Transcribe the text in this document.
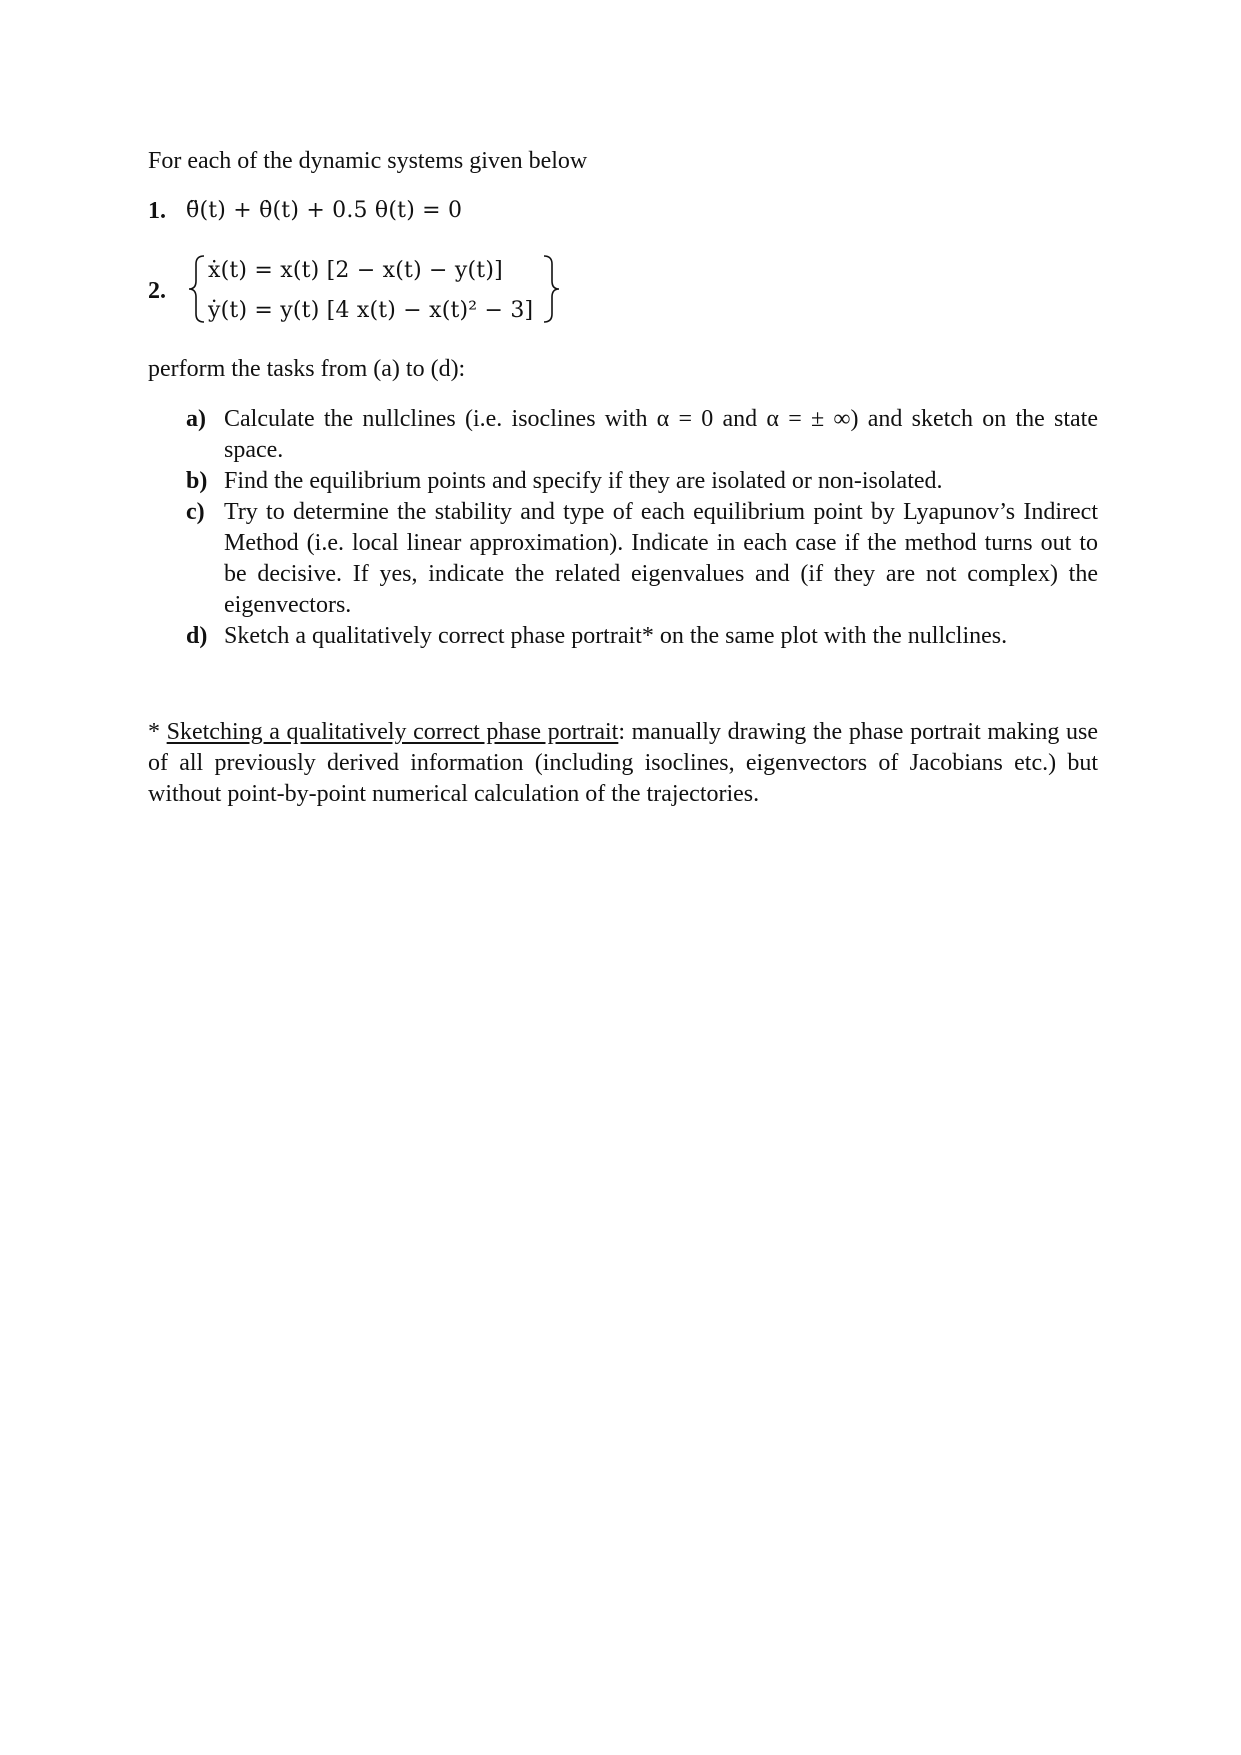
For each of the dynamic systems given below
1. θ̈(t) + θ̇(t) + 0.5 θ(t) = 0
2.
ẋ(t) = x(t) [2 − x(t) − y(t)]
ẏ(t) = y(t) [4 x(t) − x(t)² − 3]
perform the tasks from (a) to (d):
a) Calculate the nullclines (i.e. isoclines with α = 0 and α = ± ∞) and sketch on the state space.
b) Find the equilibrium points and specify if they are isolated or non-isolated.
c) Try to determine the stability and type of each equilibrium point by Lyapunov’s Indirect Method (i.e. local linear approximation). Indicate in each case if the method turns out to be decisive. If yes, indicate the related eigenvalues and (if they are not complex) the eigenvectors.
d) Sketch a qualitatively correct phase portrait* on the same plot with the nullclines.

* Sketching a qualitatively correct phase portrait: manually drawing the phase portrait making use of all previously derived information (including isoclines, eigenvectors of Jacobians etc.) but without point-by-point numerical calculation of the trajectories.
